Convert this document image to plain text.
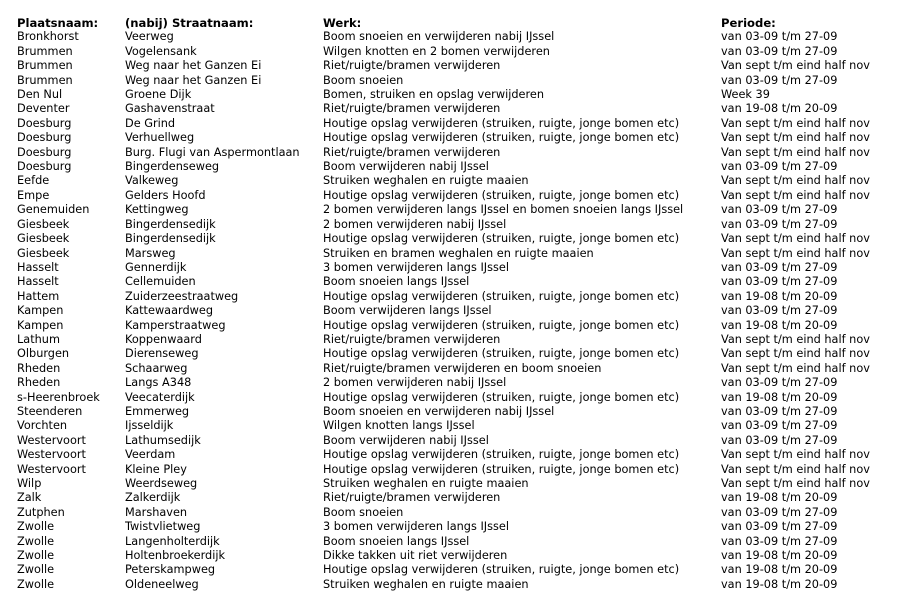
Plaatsnaam:	(nabij) Straatnaam:	Werk:	Periode:
Bronkhorst	Veerweg	Boom snoeien en verwijderen nabij IJssel	van 03-09 t/m 27-09
Brummen	Vogelensank	Wilgen knotten en 2 bomen verwijderen	van 03-09 t/m 27-09
Brummen	Weg naar het Ganzen Ei	Riet/ruigte/bramen verwijderen	Van sept t/m eind half nov
Brummen	Weg naar het Ganzen Ei	Boom snoeien	van 03-09 t/m 27-09
Den Nul	Groene Dijk	Bomen, struiken en opslag verwijderen	Week 39
Deventer	Gashavenstraat	Riet/ruigte/bramen verwijderen	van 19-08 t/m 20-09
Doesburg	De Grind	Houtige opslag verwijderen (struiken, ruigte, jonge bomen etc)	Van sept t/m eind half nov
Doesburg	Verhuellweg	Houtige opslag verwijderen (struiken, ruigte, jonge bomen etc)	Van sept t/m eind half nov
Doesburg	Burg. Flugi van Aspermontlaan	Riet/ruigte/bramen verwijderen	Van sept t/m eind half nov
Doesburg	Bingerdenseweg	Boom verwijderen nabij IJssel	van 03-09 t/m 27-09
Eefde	Valkeweg	Struiken weghalen en ruigte maaien	Van sept t/m eind half nov
Empe	Gelders Hoofd	Houtige opslag verwijderen (struiken, ruigte, jonge bomen etc)	Van sept t/m eind half nov
Genemuiden	Kettingweg	2 bomen verwijderen langs IJssel en bomen snoeien langs IJssel	van 03-09 t/m 27-09
Giesbeek	Bingerdensedijk	2 bomen verwijderen nabij IJssel	van 03-09 t/m 27-09
Giesbeek	Bingerdensedijk	Houtige opslag verwijderen (struiken, ruigte, jonge bomen etc)	Van sept t/m eind half nov
Giesbeek	Marsweg	Struiken en bramen weghalen en ruigte maaien	Van sept t/m eind half nov
Hasselt	Gennerdijk	3 bomen verwijderen langs IJssel	van 03-09 t/m 27-09
Hasselt	Cellemuiden	Boom snoeien langs IJssel	van 03-09 t/m 27-09
Hattem	Zuiderzeestraatweg	Houtige opslag verwijderen (struiken, ruigte, jonge bomen etc)	van 19-08 t/m 20-09
Kampen	Kattewaardweg	Boom verwijderen langs IJssel	van 03-09 t/m 27-09
Kampen	Kamperstraatweg	Houtige opslag verwijderen (struiken, ruigte, jonge bomen etc)	van 19-08 t/m 20-09
Lathum	Koppenwaard	Riet/ruigte/bramen verwijderen	Van sept t/m eind half nov
Olburgen	Dierenseweg	Houtige opslag verwijderen (struiken, ruigte, jonge bomen etc)	Van sept t/m eind half nov
Rheden	Schaarweg	Riet/ruigte/bramen verwijderen en boom snoeien	Van sept t/m eind half nov
Rheden	Langs A348	2 bomen verwijderen nabij IJssel	van 03-09 t/m 27-09
s-Heerenbroek	Veecaterdijk	Houtige opslag verwijderen (struiken, ruigte, jonge bomen etc)	van 19-08 t/m 20-09
Steenderen	Emmerweg	Boom snoeien en verwijderen nabij IJssel	van 03-09 t/m 27-09
Vorchten	Ijsseldijk	Wilgen knotten langs IJssel	van 03-09 t/m 27-09
Westervoort	Lathumsedijk	Boom verwijderen nabij IJssel	van 03-09 t/m 27-09
Westervoort	Veerdam	Houtige opslag verwijderen (struiken, ruigte, jonge bomen etc)	Van sept t/m eind half nov
Westervoort	Kleine Pley	Houtige opslag verwijderen (struiken, ruigte, jonge bomen etc)	Van sept t/m eind half nov
Wilp	Weerdseweg	Struiken weghalen en ruigte maaien	Van sept t/m eind half nov
Zalk	Zalkerdijk	Riet/ruigte/bramen verwijderen	van 19-08 t/m 20-09
Zutphen	Marshaven	Boom snoeien	van 03-09 t/m 27-09
Zwolle	Twistvlietweg	3 bomen verwijderen langs IJssel	van 03-09 t/m 27-09
Zwolle	Langenholterdijk	Boom snoeien langs IJssel	van 03-09 t/m 27-09
Zwolle	Holtenbroekerdijk	Dikke takken uit riet verwijderen	van 19-08 t/m 20-09
Zwolle	Peterskampweg	Houtige opslag verwijderen (struiken, ruigte, jonge bomen etc)	van 19-08 t/m 20-09
Zwolle	Oldeneelweg	Struiken weghalen en ruigte maaien	van 19-08 t/m 20-09
